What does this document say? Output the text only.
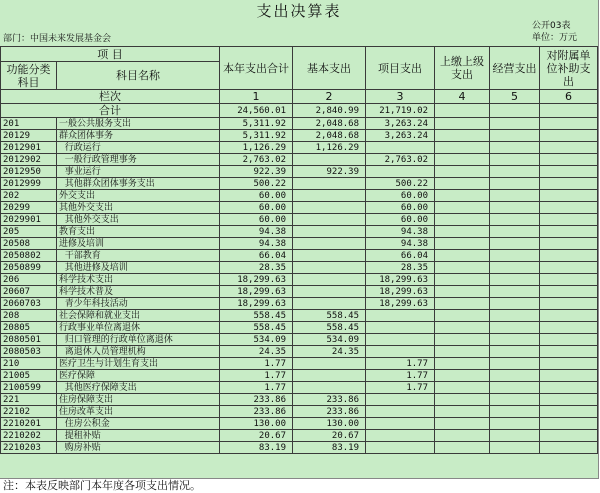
支出决算表
公开03表
单位：万元
部门：中国未来发展基金会
项 目		本年支出合计	基本支出	项目支出	上缴上级支出	经营支出	对附属单位补助支出
功能分类科目	科目名称						
栏次		1	2	3	4	5	6
合计		24,560.01	2,840.99	21,719.02			
201	一般公共服务支出	5,311.92	2,048.68	3,263.24			
20129	群众团体事务	5,311.92	2,048.68	3,263.24			
2012901	行政运行	1,126.29	1,126.29				
2012902	一般行政管理事务	2,763.02		2,763.02			
2012950	事业运行	922.39	922.39				
2012999	其他群众团体事务支出	500.22		500.22			
202	外交支出	60.00		60.00			
20299	其他外交支出	60.00		60.00			
2029901	其他外交支出	60.00		60.00			
205	教育支出	94.38		94.38			
20508	进修及培训	94.38		94.38			
2050802	干部教育	66.04		66.04			
2050899	其他进修及培训	28.35		28.35			
206	科学技术支出	18,299.63		18,299.63			
20607	科学技术普及	18,299.63		18,299.63			
2060703	青少年科技活动	18,299.63		18,299.63			
208	社会保障和就业支出	558.45	558.45				
20805	行政事业单位离退休	558.45	558.45				
2080501	归口管理的行政单位离退休	534.09	534.09				
2080503	离退休人员管理机构	24.35	24.35				
210	医疗卫生与计划生育支出	1.77		1.77			
21005	医疗保障	1.77		1.77			
2100599	其他医疗保障支出	1.77		1.77			
221	住房保障支出	233.86	233.86				
22102	住房改革支出	233.86	233.86				
2210201	住房公积金	130.00	130.00				
2210202	提租补贴	20.67	20.67				
2210203	购房补贴	83.19	83.19				
注：本表反映部门本年度各项支出情况。
